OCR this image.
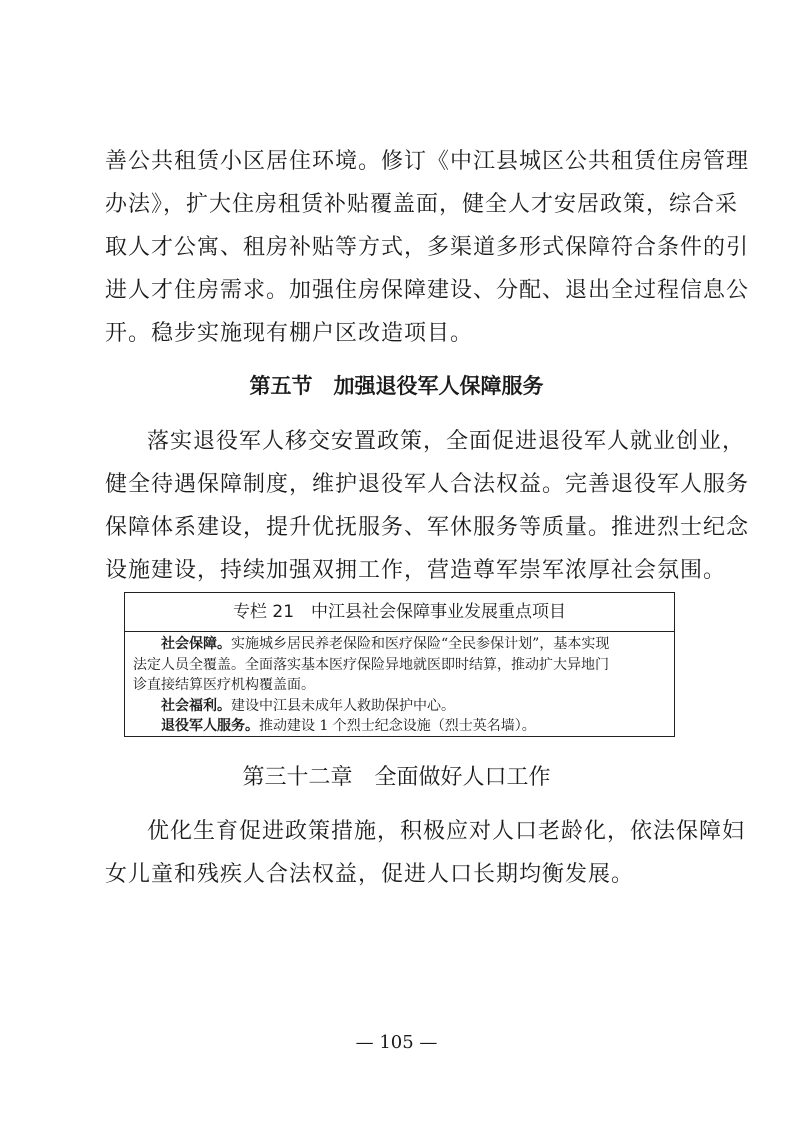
善公共租赁小区居住环境。修订《中江县城区公共租赁住房管理
办法》，扩大住房租赁补贴覆盖面，健全人才安居政策，综合采
取人才公寓、租房补贴等方式，多渠道多形式保障符合条件的引
进人才住房需求。加强住房保障建设、分配、退出全过程信息公
开。稳步实施现有棚户区改造项目。
第五节　加强退役军人保障服务
落实退役军人移交安置政策，全面促进退役军人就业创业，
健全待遇保障制度，维护退役军人合法权益。完善退役军人服务
保障体系建设，提升优抚服务、军休服务等质量。推进烈士纪念
设施建设，持续加强双拥工作，营造尊军崇军浓厚社会氛围。
专栏 21　中江县社会保障事业发展重点项目
社会保障。实施城乡居民养老保险和医疗保险“全民参保计划”，基本实现
法定人员全覆盖。全面落实基本医疗保险异地就医即时结算，推动扩大异地门
诊直接结算医疗机构覆盖面。
社会福利。建设中江县未成年人救助保护中心。
退役军人服务。推动建设 1 个烈士纪念设施（烈士英名墙）。
第三十二章　全面做好人口工作
优化生育促进政策措施，积极应对人口老龄化，依法保障妇
女儿童和残疾人合法权益，促进人口长期均衡发展。

— 105 —
